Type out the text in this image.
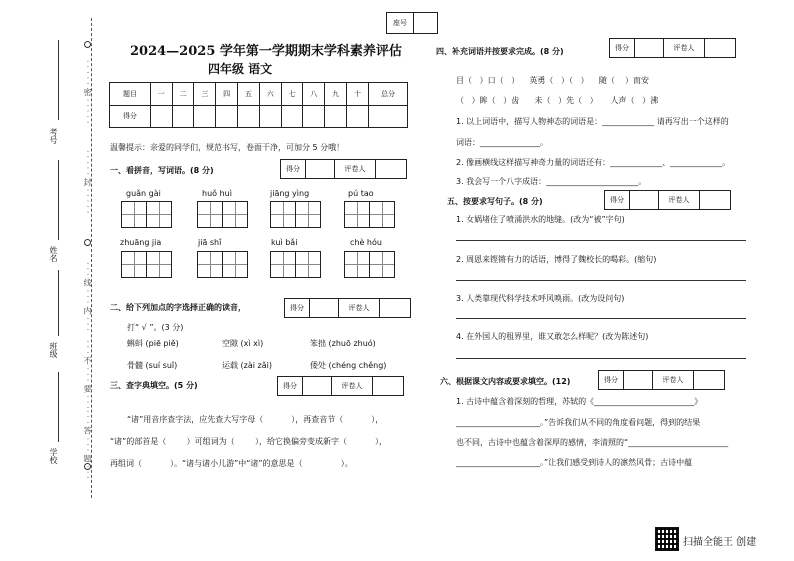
考号
姓名
班级
学校
·····密·····
·····封·····
···线···内···
···不···要···
···答···题···
座号
2024—2025 学年第一学期期末学科素养评估
四年级 语文
题目	一	二	三	四	五	六	七	八	九	十	总分
得分											
温馨提示：亲爱的同学们，规范书写，卷面干净，可加分 5 分哦！
一、看拼音，写词语。(8 分)	得分	评卷人
guǎn gài	huǒ huì	jiāng yìng	pú tao
zhuāng jia	jiā shǐ	kuì bǎi	chè hóu
二、给下列加点的字选择正确的读音，	得分	评卷人
打“ √ ”。(3 分)
蝌蚪 (piē piě)	空隙 (xì xì)	笨拙 (zhuō zhuó)
骨髓 (suí suǐ)	运载 (zài zǎi)	倭处 (chéng chěng)
三、查字典填空。(5 分)	得分	评卷人
“诸”用音序查字法，应先查大写字母（           ），再查音节（           ），
“诸”的部首是（        ）可组词为（        ），给它换偏旁变成新字（           ），
再组词（           ）。“诸与诸小儿游”中“诸”的意思是（               ）。
四、补充词语并按要求完成。(8 分)	得分	评卷人
目（   ）口（   ）    英勇（   ）（   ）    随（    ）而安
（   ）眸（   ）齿      未（   ）先（   ）     人声（   ）沸
1. 以上词语中，描写人物神态的词语是：_____________ 请再写出一个这样的
词语：_______________。
2. 像画横线这样描写神奇力量的词语还有：_____________、_____________。
3. 我会写一个八字成语：_______________________。
五、按要求写句子。(8 分)	得分	评卷人
1. 女娲堵住了喷涌洪水的地缝。(改为“被”字句)
2. 周恩来铿锵有力的话语，博得了魏校长的喝彩。(缩句)
3. 人类靠现代科学技术呼风唤雨。(改为设问句)
4. 在外国人的租界里，谁又敢怎么样呢？(改为陈述句)
六、根据课文内容或要求填空。(12)	得分	评卷人
1. 古诗中蕴含着深刻的哲理，苏轼的《_________________________》
_____________________。”告诉我们从不同的角度看问题，得到的结果
也不同，古诗中也蕴含着深厚的感情，李清照的“_________________________
_____________________。”让我们感受到诗人的凛然风骨；古诗中蕴
扫描全能王 创建
